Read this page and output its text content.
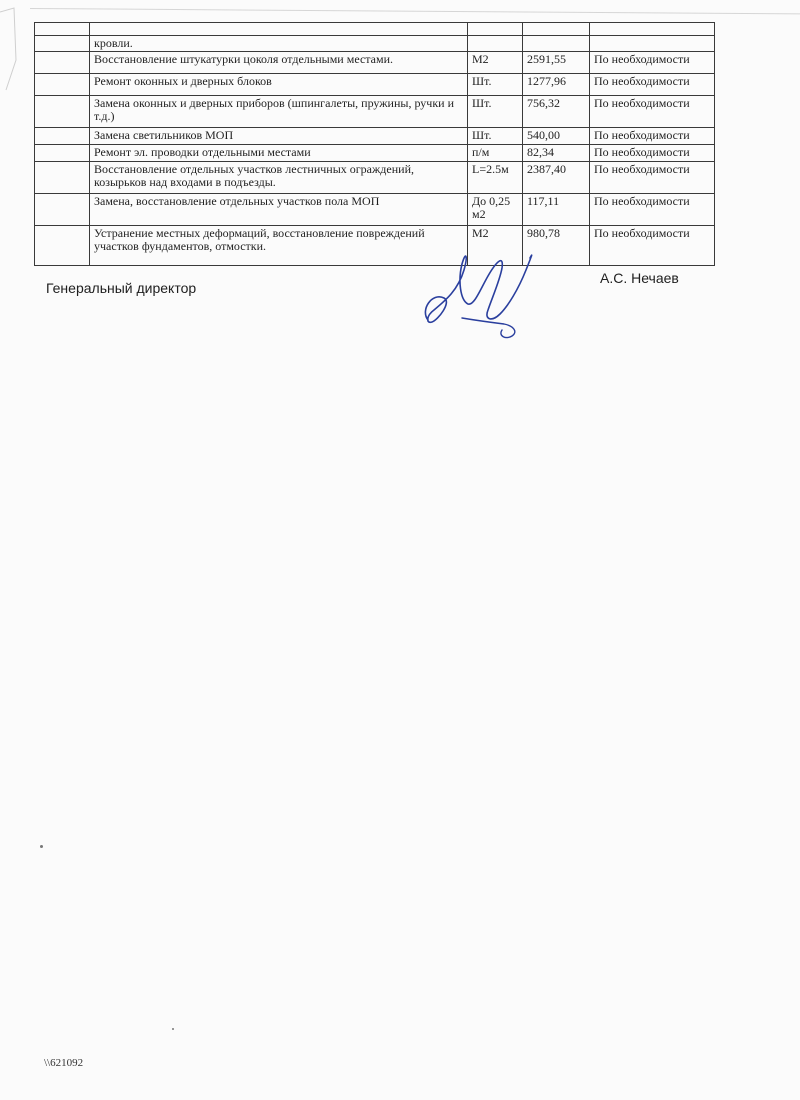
	кровли.			
	Восстановление штукатурки цоколя отдельными местами.	М2	2591,55	По необходимости
	Ремонт оконных и дверных блоков	Шт.	1277,96	По необходимости
	Замена оконных и дверных приборов (шпингалеты, пружины, ручки и т.д.)	Шт.	756,32	По необходимости
	Замена светильников МОП	Шт.	540,00	По необходимости
	Ремонт эл. проводки отдельными местами	п/м	82,34	По необходимости
	Восстановление отдельных участков лестничных ограждений, козырьков над входами в подъезды.	L=2.5м	2387,40	По необходимости
	Замена, восстановление отдельных участков пола МОП	До 0,25 м2	117,11	По необходимости
	Устранение местных деформаций, восстановление повреждений участков фундаментов, отмостки.	М2	980,78	По необходимости
Генеральный директор
А.С. Нечаев
\\621092
